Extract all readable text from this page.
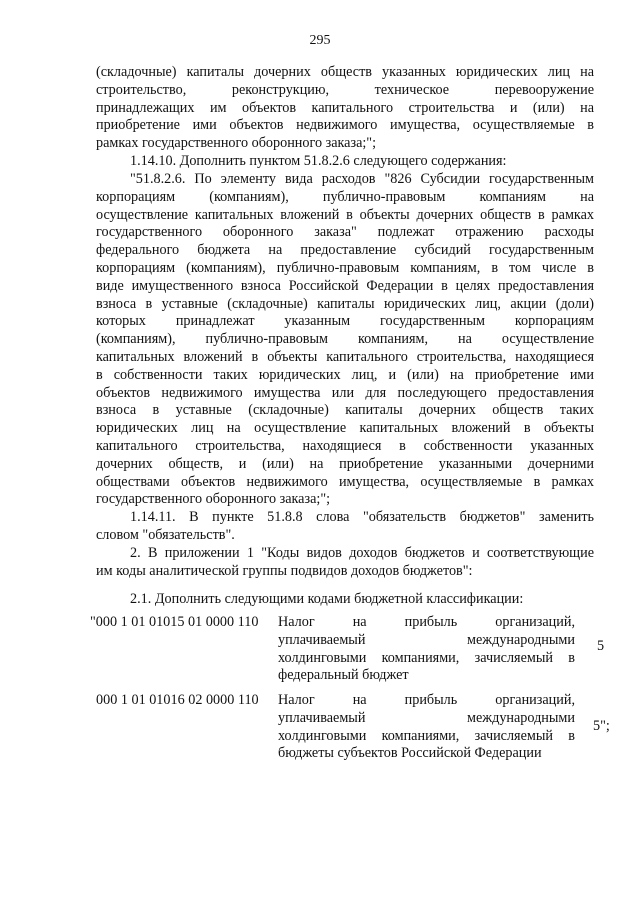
295
(складочные) капиталы дочерних обществ указанных юридических лиц на
строительство, реконструкцию, техническое перевооружение
принадлежащих им объектов капитального строительства и (или) на
приобретение ими объектов недвижимого имущества, осуществляемые в
рамках государственного оборонного заказа;";
1.14.10. Дополнить пунктом 51.8.2.6 следующего содержания:
"51.8.2.6. По элементу вида расходов "826 Субсидии государственным
корпорациям (компаниям), публично-правовым компаниям на
осуществление капитальных вложений в объекты дочерних обществ в рамках
государственного оборонного заказа" подлежат отражению расходы
федерального бюджета на предоставление субсидий государственным
корпорациям (компаниям), публично-правовым компаниям, в том числе в
виде имущественного взноса Российской Федерации в целях предоставления
взноса в уставные (складочные) капиталы юридических лиц, акции (доли)
которых принадлежат указанным государственным корпорациям
(компаниям), публично-правовым компаниям, на осуществление
капитальных вложений в объекты капитального строительства, находящиеся
в собственности таких юридических лиц, и (или) на приобретение ими
объектов недвижимого имущества или для последующего предоставления
взноса в уставные (складочные) капиталы дочерних обществ таких
юридических лиц на осуществление капитальных вложений в объекты
капитального строительства, находящиеся в собственности указанных
дочерних обществ, и (или) на приобретение указанными дочерними
обществами объектов недвижимого имущества, осуществляемые в рамках
государственного оборонного заказа;";
1.14.11. В пункте 51.8.8 слова "обязательств бюджетов" заменить
словом "обязательств".
2. В приложении 1 "Коды видов доходов бюджетов и соответствующие
им коды аналитической группы подвидов доходов бюджетов":
2.1. Дополнить следующими кодами бюджетной классификации:
"000 1 01 01015 01 0000 110 Налог на прибыль организаций,
уплачиваемый международными
холдинговыми компаниями, зачисляемый в
федеральный бюджет
5
000 1 01 01016 02 0000 110 Налог на прибыль организаций,
уплачиваемый международными
холдинговыми компаниями, зачисляемый в
бюджеты субъектов Российской Федерации
5";
